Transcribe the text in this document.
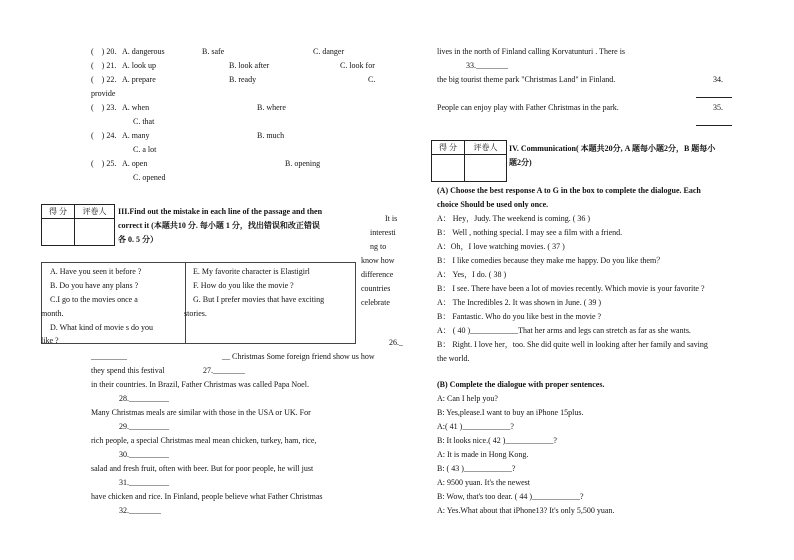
(　) 20. A. dangerous	B. safe	C. danger
(　) 21. A. look up	B. look after	C. look for
(　) 22. A. prepare	B. ready	C.
provide
(　) 23. A. when	B. where
C. that
(　) 24. A. many	B. much
C. a lot
(　) 25. A. open	B. opening
C. opened
得 分	评卷人	III.Find out the mistake in each line of the passage and then
correct it (本题共10 分. 每小题 1 分，找出错误和改正错误
各 0. 5 分）
It is
interesti
ng to
know how
difference
countries
celebrate
A. Have you seen it before ?
B. Do you have any plans ?
C.I go to the movies once a
month.
D. What kind of movie s do you
like ?
E. My favorite character is Elastigirl
F. How do you like the movie ?
G. But I prefer movies that have exciting
stories.
26._
_________	__ Christmas Some foreign friend show us how
they spend this festival	27.________
in their countries. In Brazil, Father Christmas was called Papa Noel.
28.__________
Many Christmas meals are similar with those in the USA or UK. For
29.__________
rich people, a special Christmas meal mean chicken, turkey, ham, rice,
30.__________
salad and fresh fruit, often with beer. But for poor people, he will just
31.__________
have chicken and rice. In Finland, people believe what Father Christmas
32.________
lives in the north of Finland calling Korvatunturi . There is
33.________
the big tourist theme park "Christmas Land" in Finland.	34.
People can enjoy play with Father Christmas in the park.	35.
得 分	评卷人	IV. Communication( 本题共20分, A 题每小题2分，B 题每小
题2分)
(A) Choose the best response A to G in the box to complete the dialogue. Each
choice Should be used only once.
A： Hey，Judy. The weekend is coming. ( 36 )
B： Well , nothing special. I may see a film with a friend.
A：Oh，I love watching movies. ( 37 )
B： I like comedies because they make me happy. Do you like them？
A： Yes，I do. ( 38 )
B： I see. There have been a lot of movies recently. Which movie is your favorite ?
A： The Incredibles 2. It was shown in June. ( 39 )
B： Fantastic. Who do you like best in the movie ?
A： ( 40 )____________That her arms and legs can stretch as far as she wants.
B： Right. I love her，too. She did quite well in looking after her family and saving
the world.
(B) Complete the dialogue with proper sentences.
A: Can I help you?
B: Yes,please.I want to buy an iPhone 15plus.
A:( 41 )____________?
B: It looks nice.( 42 )____________?
A: It is made in Hong Kong.
B: ( 43 )____________?
A: 9500 yuan. It's the newest
B: Wow, that's too dear. ( 44 )____________?
A: Yes.What about that iPhone13? It's only 5,500 yuan.
